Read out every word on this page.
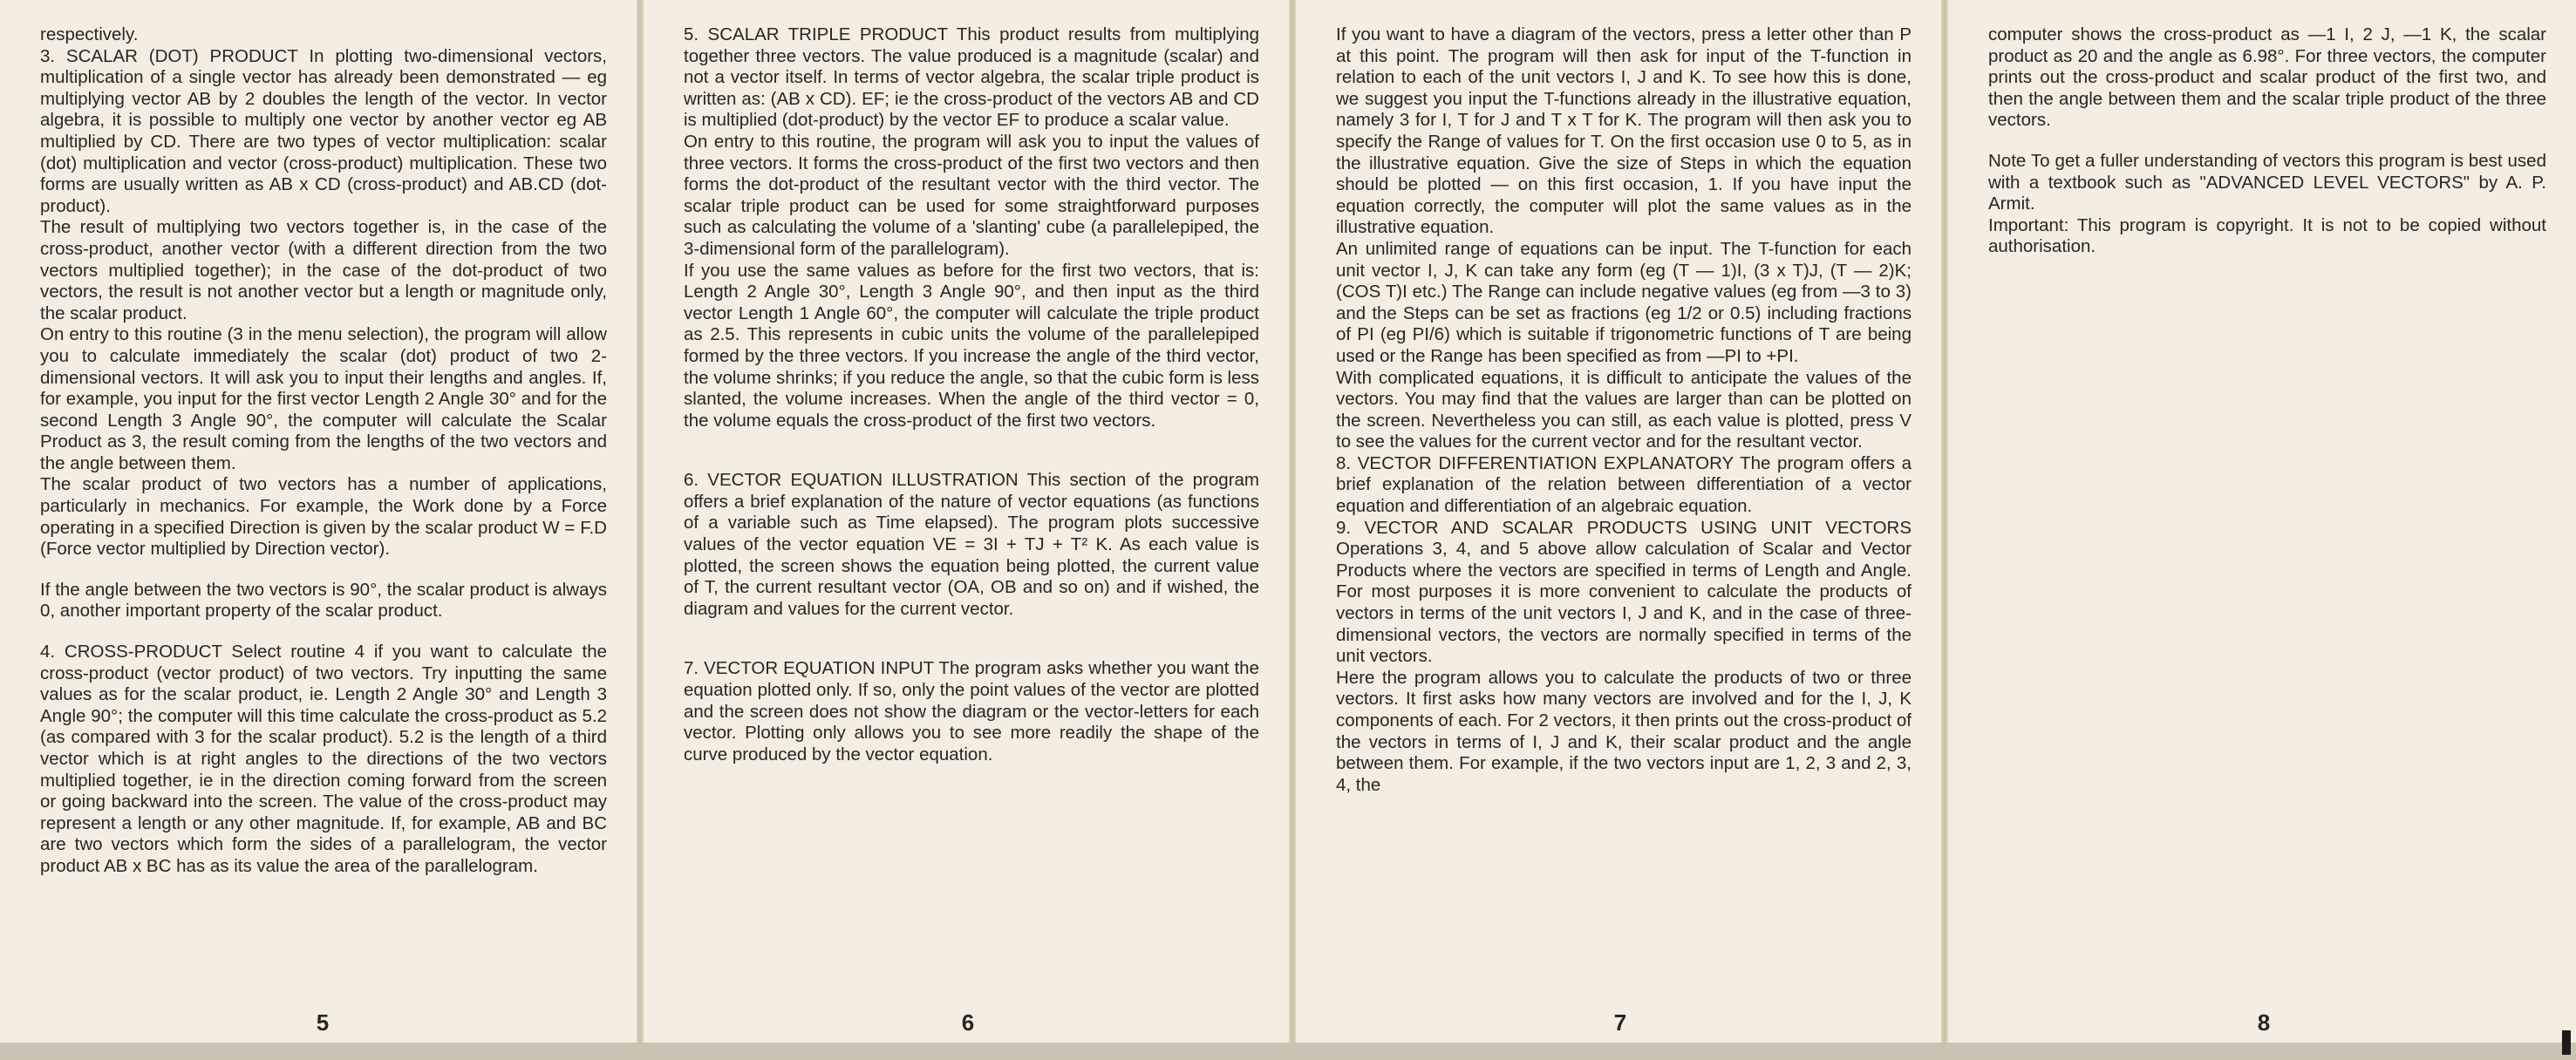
respectively.

3. SCALAR (DOT) PRODUCT In plotting two-dimensional vectors, multiplication of a single vector has already been demonstrated — eg multiplying vector AB by 2 doubles the length of the vector. In vector algebra, it is possible to multiply one vector by another vector eg AB multiplied by CD. There are two types of vector multiplication: scalar (dot) multiplication and vector (cross-product) multiplication. These two forms are usually written as AB x CD (cross-product) and AB.CD (dot-product).

The result of multiplying two vectors together is, in the case of the cross-product, another vector (with a different direction from the two vectors multiplied together); in the case of the dot-product of two vectors, the result is not another vector but a length or magnitude only, the scalar product.

On entry to this routine (3 in the menu selection), the program will allow you to calculate immediately the scalar (dot) product of two 2-dimensional vectors. It will ask you to input their lengths and angles. If, for example, you input for the first vector Length 2 Angle 30° and for the second Length 3 Angle 90°, the computer will calculate the Scalar Product as 3, the result coming from the lengths of the two vectors and the angle between them.

The scalar product of two vectors has a number of applications, particularly in mechanics. For example, the Work done by a Force operating in a specified Direction is given by the scalar product W = F.D (Force vector multiplied by Direction vector).

If the angle between the two vectors is 90°, the scalar product is always 0, another important property of the scalar product.

4. CROSS-PRODUCT Select routine 4 if you want to calculate the cross-product (vector product) of two vectors. Try inputting the same values as for the scalar product, ie. Length 2 Angle 30° and Length 3 Angle 90°; the computer will this time calculate the cross-product as 5.2 (as compared with 3 for the scalar product). 5.2 is the length of a third vector which is at right angles to the directions of the two vectors multiplied together, ie in the direction coming forward from the screen or going backward into the screen. The value of the cross-product may represent a length or any other magnitude. If, for example, AB and BC are two vectors which form the sides of a parallelogram, the vector product AB x BC has as its value the area of the parallelogram.

5

5. SCALAR TRIPLE PRODUCT This product results from multiplying together three vectors. The value produced is a magnitude (scalar) and not a vector itself. In terms of vector algebra, the scalar triple product is written as: (AB x CD). EF; ie the cross-product of the vectors AB and CD is multiplied (dot-product) by the vector EF to produce a scalar value.

On entry to this routine, the program will ask you to input the values of three vectors. It forms the cross-product of the first two vectors and then forms the dot-product of the resultant vector with the third vector. The scalar triple product can be used for some straightforward purposes such as calculating the volume of a 'slanting' cube (a parallelepiped, the 3-dimensional form of the parallelogram).

If you use the same values as before for the first two vectors, that is: Length 2 Angle 30°, Length 3 Angle 90°, and then input as the third vector Length 1 Angle 60°, the computer will calculate the triple product as 2.5. This represents in cubic units the volume of the parallelepiped formed by the three vectors. If you increase the angle of the third vector, the volume shrinks; if you reduce the angle, so that the cubic form is less slanted, the volume increases. When the angle of the third vector = 0, the volume equals the cross-product of the first two vectors.

6. VECTOR EQUATION ILLUSTRATION This section of the program offers a brief explanation of the nature of vector equations (as functions of a variable such as Time elapsed). The program plots successive values of the vector equation VE = 3I + TJ + T² K. As each value is plotted, the screen shows the equation being plotted, the current value of T, the current resultant vector (OA, OB and so on) and if wished, the diagram and values for the current vector.

7. VECTOR EQUATION INPUT The program asks whether you want the equation plotted only. If so, only the point values of the vector are plotted and the screen does not show the diagram or the vector-letters for each vector. Plotting only allows you to see more readily the shape of the curve produced by the vector equation.

6

If you want to have a diagram of the vectors, press a letter other than P at this point. The program will then ask for input of the T-function in relation to each of the unit vectors I, J and K. To see how this is done, we suggest you input the T-functions already in the illustrative equation, namely 3 for I, T for J and T x T for K. The program will then ask you to specify the Range of values for T. On the first occasion use 0 to 5, as in the illustrative equation. Give the size of Steps in which the equation should be plotted — on this first occasion, 1. If you have input the equation correctly, the computer will plot the same values as in the illustrative equation.

An unlimited range of equations can be input. The T-function for each unit vector I, J, K can take any form (eg (T — 1)I, (3 x T)J, (T — 2)K; (COS T)I etc.) The Range can include negative values (eg from —3 to 3) and the Steps can be set as fractions (eg 1/2 or 0.5) including fractions of PI (eg PI/6) which is suitable if trigonometric functions of T are being used or the Range has been specified as from —PI to +PI.

With complicated equations, it is difficult to anticipate the values of the vectors. You may find that the values are larger than can be plotted on the screen. Nevertheless you can still, as each value is plotted, press V to see the values for the current vector and for the resultant vector.

8. VECTOR DIFFERENTIATION EXPLANATORY The program offers a brief explanation of the relation between differentiation of a vector equation and differentiation of an algebraic equation.

9. VECTOR AND SCALAR PRODUCTS USING UNIT VECTORS Operations 3, 4, and 5 above allow calculation of Scalar and Vector Products where the vectors are specified in terms of Length and Angle. For most purposes it is more convenient to calculate the products of vectors in terms of the unit vectors I, J and K, and in the case of three-dimensional vectors, the vectors are normally specified in terms of the unit vectors.

Here the program allows you to calculate the products of two or three vectors. It first asks how many vectors are involved and for the I, J, K components of each. For 2 vectors, it then prints out the cross-product of the vectors in terms of I, J and K, their scalar product and the angle between them. For example, if the two vectors input are 1, 2, 3 and 2, 3, 4, the

7

computer shows the cross-product as —1 I, 2 J, —1 K, the scalar product as 20 and the angle as 6.98°. For three vectors, the computer prints out the cross-product and scalar product of the first two, and then the angle between them and the scalar triple product of the three vectors.

Note To get a fuller understanding of vectors this program is best used with a textbook such as "ADVANCED LEVEL VECTORS" by A. P. Armit.

Important: This program is copyright. It is not to be copied without authorisation.

8
